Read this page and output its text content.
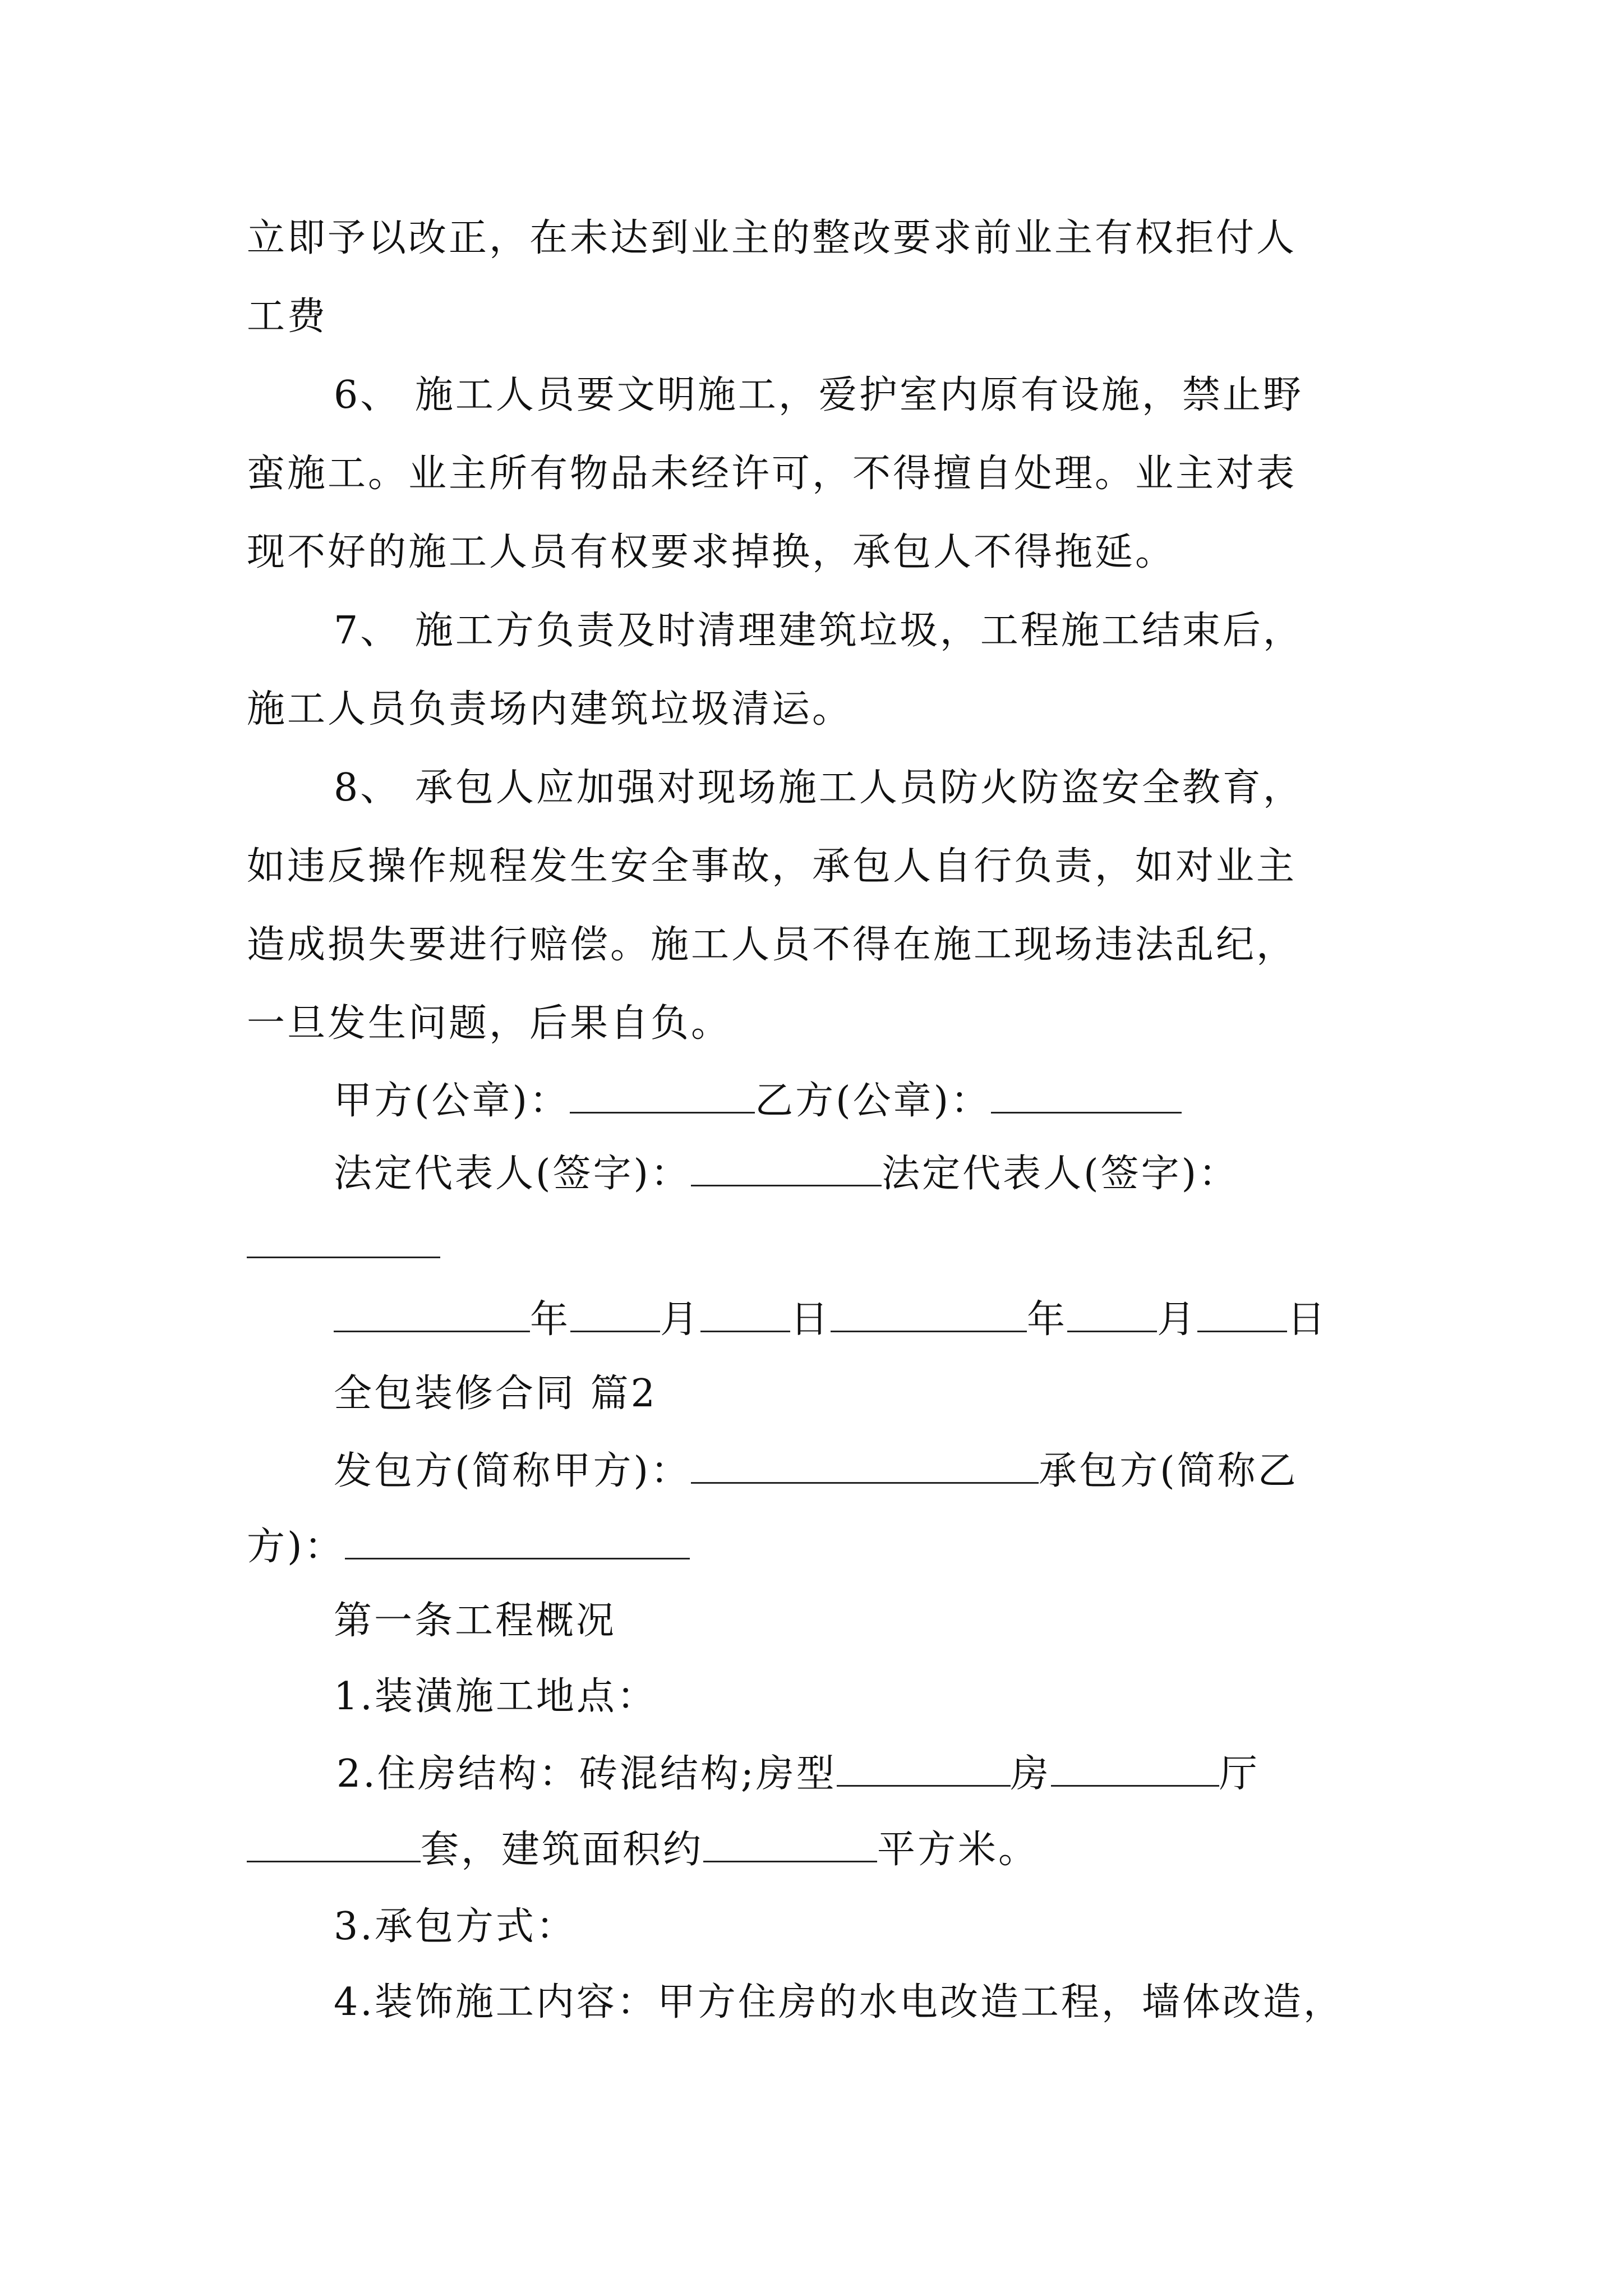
立即予以改正，在未达到业主的整改要求前业主有权拒付人
工费
6、 施工人员要文明施工，爱护室内原有设施，禁止野
蛮施工。业主所有物品未经许可，不得擅自处理。业主对表
现不好的施工人员有权要求掉换，承包人不得拖延。
7、 施工方负责及时清理建筑垃圾，工程施工结束后，
施工人员负责场内建筑垃圾清运。
8、 承包人应加强对现场施工人员防火防盗安全教育，
如违反操作规程发生安全事故，承包人自行负责，如对业主
造成损失要进行赔偿。施工人员不得在施工现场违法乱纪，
一旦发生问题，后果自负。
甲方(公章)：	乙方(公章)：
法定代表人(签字)：	法定代表人(签字)：
年 月 日	年 月 日
全包装修合同 篇2
发包方(简称甲方)：	承包方(简称乙
方)：
第一条工程概况
1.装潢施工地点：
2.住房结构：砖混结构;房型	房	厅
套，建筑面积约	平方米。
3.承包方式：
4.装饰施工内容：甲方住房的水电改造工程，墙体改造，
